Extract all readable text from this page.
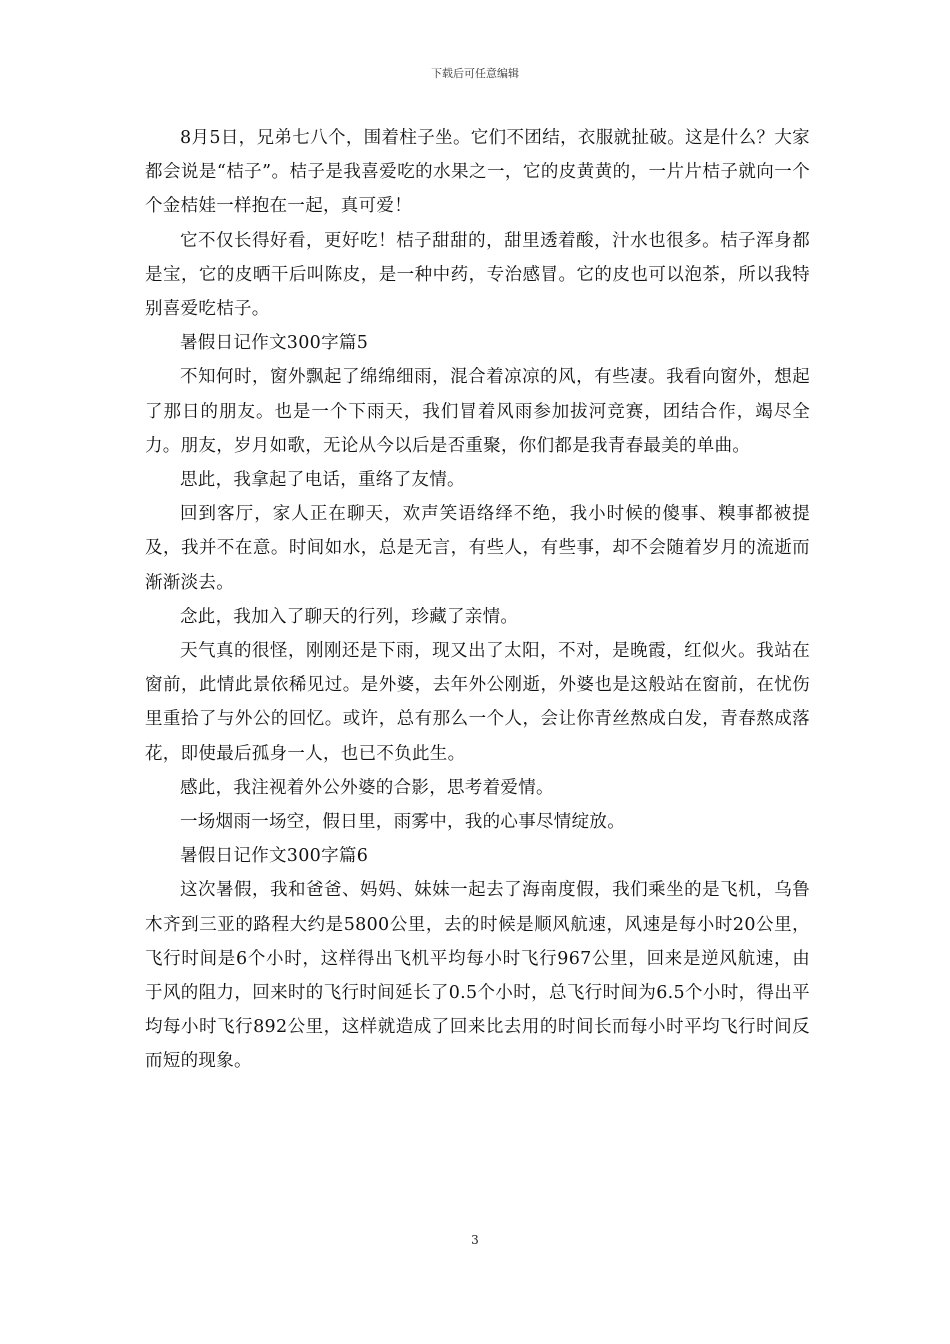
下载后可任意编辑

8月5日，兄弟七八个，围着柱子坐。它们不团结，衣服就扯破。这是什么？大家都会说是“桔子”。桔子是我喜爱吃的水果之一，它的皮黄黄的，一片片桔子就向一个个金桔娃一样抱在一起，真可爱！

它不仅长得好看，更好吃！桔子甜甜的，甜里透着酸，汁水也很多。桔子浑身都是宝，它的皮晒干后叫陈皮，是一种中药，专治感冒。它的皮也可以泡茶，所以我特别喜爱吃桔子。

暑假日记作文300字篇5

不知何时，窗外飘起了绵绵细雨，混合着凉凉的风，有些凄。我看向窗外，想起了那日的朋友。也是一个下雨天，我们冒着风雨参加拔河竞赛，团结合作，竭尽全力。朋友，岁月如歌，无论从今以后是否重聚，你们都是我青春最美的单曲。

思此，我拿起了电话，重络了友情。

回到客厅，家人正在聊天，欢声笑语络绎不绝，我小时候的傻事、糗事都被提及，我并不在意。时间如水，总是无言，有些人，有些事，却不会随着岁月的流逝而渐渐淡去。

念此，我加入了聊天的行列，珍藏了亲情。

天气真的很怪，刚刚还是下雨，现又出了太阳，不对，是晚霞，红似火。我站在窗前，此情此景依稀见过。是外婆，去年外公刚逝，外婆也是这般站在窗前，在忧伤里重拾了与外公的回忆。或许，总有那么一个人，会让你青丝熬成白发，青春熬成落花，即使最后孤身一人，也已不负此生。

感此，我注视着外公外婆的合影，思考着爱情。

一场烟雨一场空，假日里，雨雾中，我的心事尽情绽放。

暑假日记作文300字篇6

这次暑假，我和爸爸、妈妈、妹妹一起去了海南度假，我们乘坐的是飞机，乌鲁木齐到三亚的路程大约是5800公里，去的时候是顺风航速，风速是每小时20公里，飞行时间是6个小时，这样得出飞机平均每小时飞行967公里，回来是逆风航速，由于风的阻力，回来时的飞行时间延长了0.5个小时，总飞行时间为6.5个小时，得出平均每小时飞行892公里，这样就造成了回来比去用的时间长而每小时平均飞行时间反而短的现象。

3
